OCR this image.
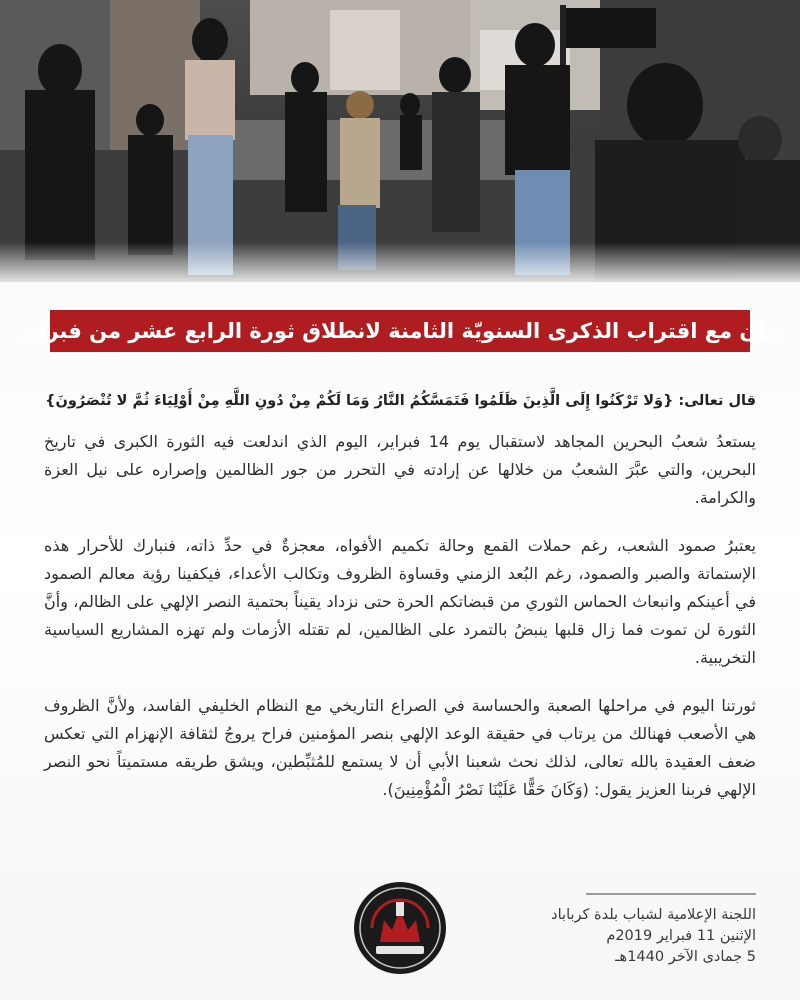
بيان مع اقتراب الذكرى السنويّة الثامنة لانطلاق ثورة الرابع عشر من فبراير

قال تعالى: {وَلا تَرْكَنُوا إِلَى الَّذِينَ ظَلَمُوا فَتَمَسَّكُمُ النَّارُ وَمَا لَكُمْ مِنْ دُونِ اللَّهِ مِنْ أَوْلِيَاءَ ثُمَّ لا تُنْصَرُونَ}

يستعدُ شعبُ البحرين المجاهد لاستقبال يوم 14 فبراير، اليوم الذي اندلعت فيه الثورة الكبرى في تاريخ البحرين، والتي عبَّرَ الشعبُ من خلالها عن إرادته في التحرر من جور الظالمين وإصراره على نيل العزة والكرامة.

يعتبرُ صمود الشعب، رغم حملات القمع وحالة تكميم الأفواه، معجزةٌ في حدِّ ذاته، فنبارك للأحرار هذه الإستماتة والصبر والصمود، رغم البُعد الزمني وقساوة الظروف وتكالب الأعداء، فيكفينا رؤية معالم الصمود في أعينكم وانبعاث الحماس الثوري من قبضاتكم الحرة حتى نزداد يقيناً بحتمية النصر الإلهي على الظالم، وأنَّ الثورة لن تموت فما زال قلبها ينبضُ بالتمرد على الظالمين، لم تقتله الأزمات ولم تهزه المشاريع السياسية التخريبية.

ثورتنا اليوم في مراحلها الصعبة والحساسة في الصراع التاريخي مع النظام الخليفي الفاسد، ولأنَّ الظروف هي الأصعب فهنالك من يرتاب في حقيقة الوعد الإلهي بنصر المؤمنين فراح يروجُ لثقافة الإنهزام التي تعكس ضعف العقيدة بالله تعالى، لذلك نحث شعبنا الأبي أن لا يستمع للمُثبِّطين، ويشق طريقه مستميتاً نحو النصر الإلهي فربنا العزيز يقول: (وَكَانَ حَقًّا عَلَيْنَا نَصْرُ الْمُؤْمِنِينَ).

اللجنة الإعلامية لشباب بلدة كرباباد
الإثنين 11 فبراير 2019م
5 جمادى الآخر 1440هـ
